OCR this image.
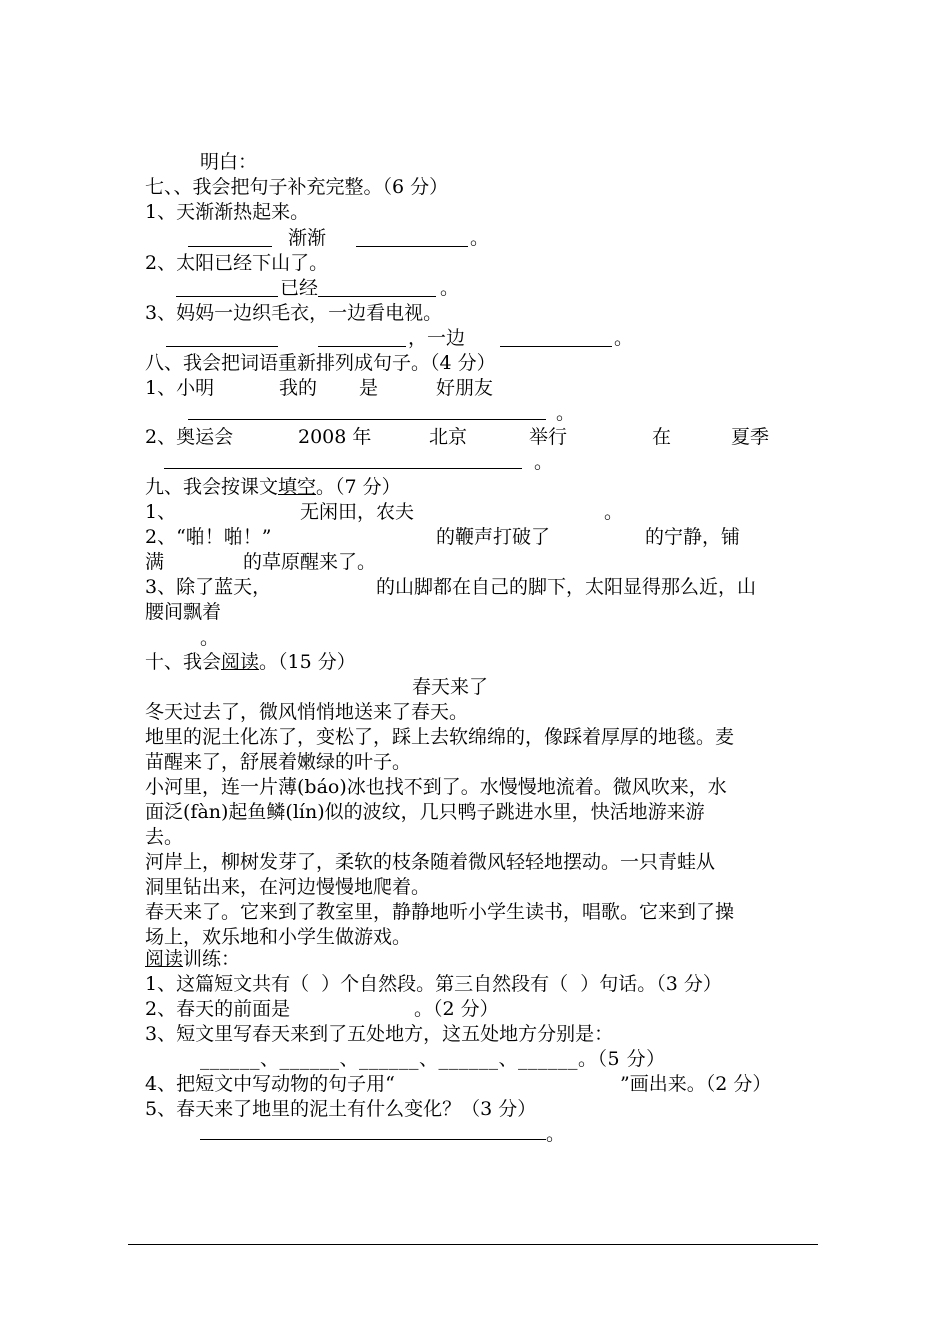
明白：
七、、我会把句子补充完整。（6 分）
1、天渐渐热起来。
渐渐	。
2、太阳已经下山了。
已经	。
3、妈妈一边织毛衣，一边看电视。
，一边	。
八、我会把词语重新排列成句子。（4 分）
1、小明	我的 是	好朋友
。
2、奥运会	2008 年	北京	举行	在	夏季
。
九、我会按课文填空。（7 分）
1、	无闲田，农夫	。
2、“啪！啪！”	的鞭声打破了	的宁静，铺
满	的草原醒来了。
3、除了蓝天，	的山脚都在自己的脚下，太阳显得那么近，山
腰间飘着
。
十、我会阅读。（15 分）
春天来了
冬天过去了，微风悄悄地送来了春天。
地里的泥土化冻了，变松了，踩上去软绵绵的，像踩着厚厚的地毯。麦
苗醒来了，舒展着嫩绿的叶子。
小河里，连一片薄(báo)冰也找不到了。水慢慢地流着。微风吹来，水
面泛(fàn)起鱼鳞(lín)似的波纹，几只鸭子跳进水里，快活地游来游
去。
河岸上，柳树发芽了，柔软的枝条随着微风轻轻地摆动。一只青蛙从
洞里钻出来，在河边慢慢地爬着。
春天来了。它来到了教室里，静静地听小学生读书，唱歌。它来到了操
场上，欢乐地和小学生做游戏。
阅读训练：
1、这篇短文共有（  ）个自然段。第三自然段有（  ）句话。（3 分）
2、春天的前面是	。（2 分）
3、短文里写春天来到了五处地方，这五处地方分别是：
______、______、______、______、______。（5 分）
4、把短文中写动物的句子用“	”画出来。（2 分）
5、春天来了地里的泥土有什么变化？（3 分）
。
